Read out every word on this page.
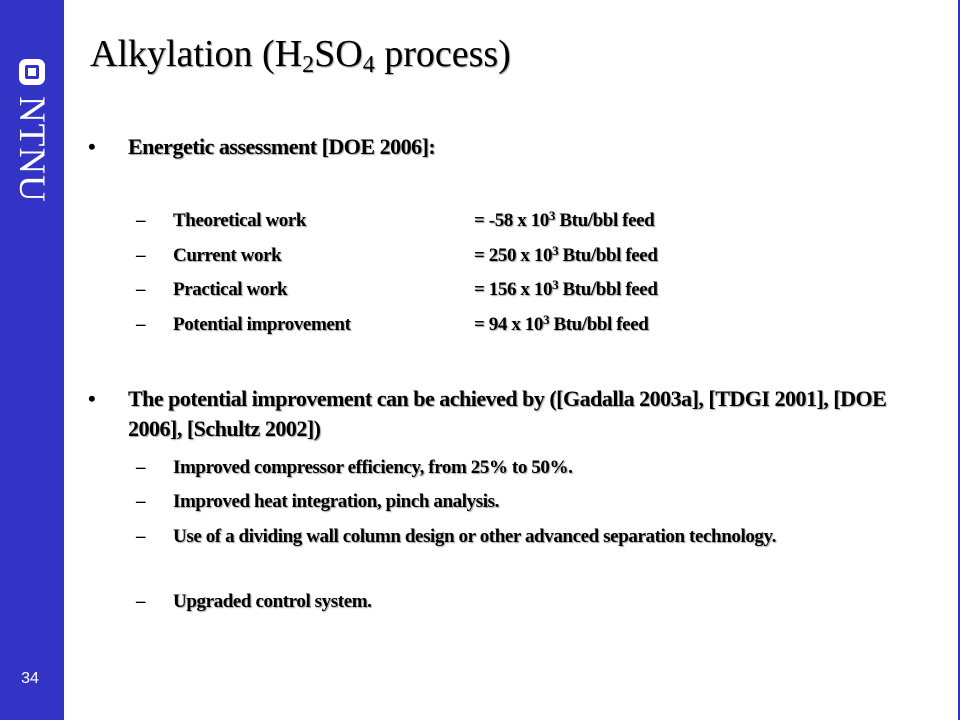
NTNU
34
Alkylation ($H_2SO_4$ process)
• Energetic assessment [DOE 2006]:
– Theoretical work	= -58 x $10^3$ Btu/bbl feed
– Current work	= 250 x $10^3$ Btu/bbl feed
– Practical work	= 156 x $10^3$ Btu/bbl feed
– Potential improvement	= 94 x $10^3$ Btu/bbl feed
• The potential improvement can be achieved by ([Gadalla 2003a], [TDGI 2001], [DOE 2006], [Schultz 2002])
– Improved compressor efficiency, from 25% to 50%.
– Improved heat integration, pinch analysis.
– Use of a dividing wall column design or other advanced separation technology.
– Upgraded control system.
